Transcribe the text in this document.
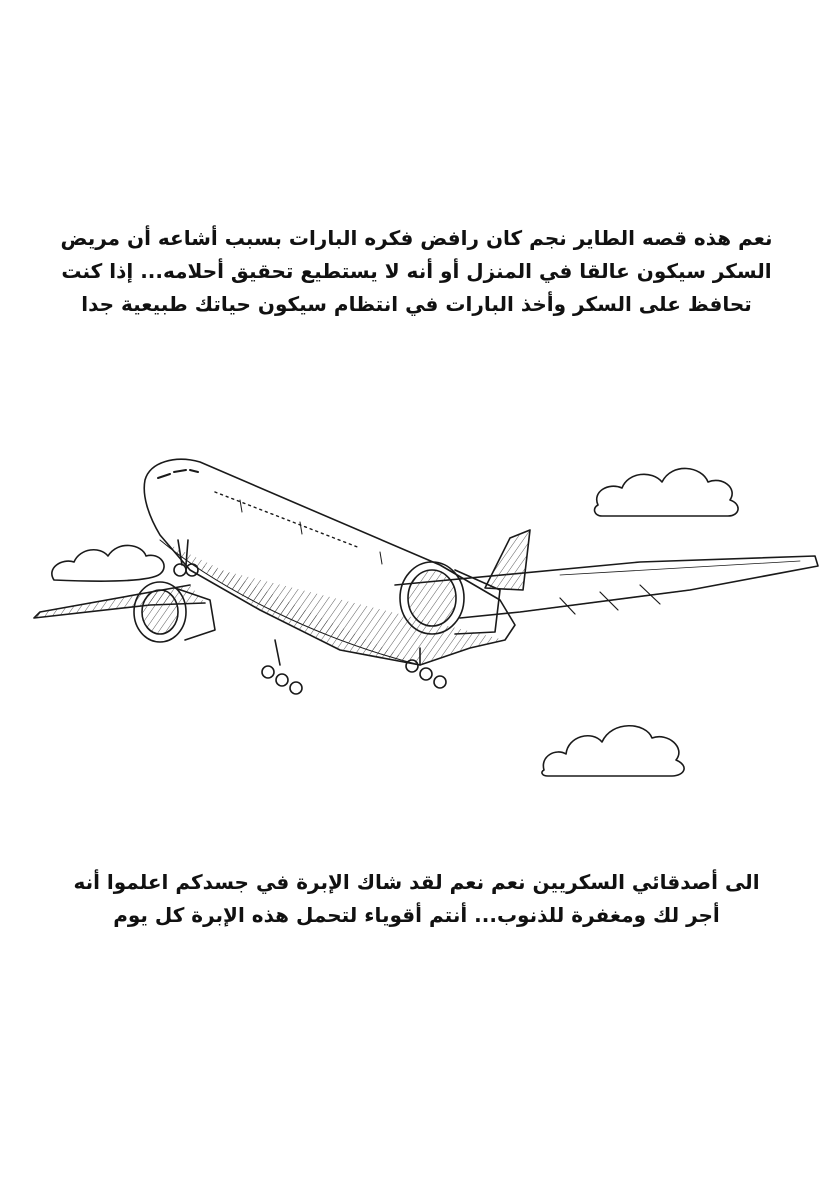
نعم هذه قصه الطاير نجم كان رافض فكره البارات بسبب أشاعه أن مريض

السكر سيكون عالقا في المنزل أو أنه لا يستطيع تحقيق أحلامه... إذا كنت

تحافظ على السكر وأخذ البارات في انتظام سيكون حياتك طبيعية جدا

الى أصدقائي السكريين نعم نعم لقد شاك الإبرة في جسدكم اعلموا أنه

أجر لك ومغفرة للذنوب... أنتم أقوياء لتحمل هذه الإبرة كل يوم
